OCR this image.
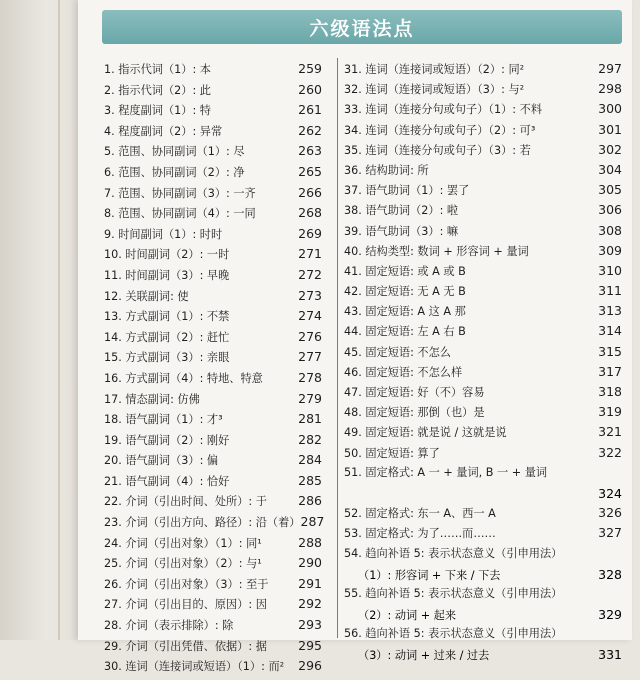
六级语法点
1. 指示代词（1）: 本	259
2. 指示代词（2）: 此	260
3. 程度副词（1）: 特	261
4. 程度副词（2）: 异常	262
5. 范围、协同副词（1）: 尽	263
6. 范围、协同副词（2）: 净	265
7. 范围、协同副词（3）: 一齐	266
8. 范围、协同副词（4）: 一同	268
9. 时间副词（1）: 时时	269
10. 时间副词（2）: 一时	271
11. 时间副词（3）: 早晚	272
12. 关联副词: 使	273
13. 方式副词（1）: 不禁	274
14. 方式副词（2）: 赶忙	276
15. 方式副词（3）: 亲眼	277
16. 方式副词（4）: 特地、特意	278
17. 情态副词: 仿佛	279
18. 语气副词（1）: 才³	281
19. 语气副词（2）: 刚好	282
20. 语气副词（3）: 偏	284
21. 语气副词（4）: 恰好	285
22. 介词（引出时间、处所）: 于 286
23. 介词（引出方向、路径）: 沿（着） 287
24. 介词（引出对象）（1）: 同¹	288
25. 介词（引出对象）（2）: 与¹	290
26. 介词（引出对象）（3）: 至于 291
27. 介词（引出目的、原因）: 因 292
28. 介词（表示排除）: 除	293
29. 介词（引出凭借、依据）: 据 295
30. 连词（连接词或短语）（1）: 而² 296
31. 连词（连接词或短语）（2）: 同²	297
32. 连词（连接词或短语）（3）: 与²	298
33. 连词（连接分句或句子）（1）: 不料	300
34. 连词（连接分句或句子）（2）: 可³	301
35. 连词（连接分句或句子）（3）: 若	302
36. 结构助词: 所	304
37. 语气助词（1）: 罢了	305
38. 语气助词（2）: 啦	306
39. 语气助词（3）: 嘛	308
40. 结构类型: 数词 + 形容词 + 量词	309
41. 固定短语: 或 A 或 B	310
42. 固定短语: 无 A 无 B	311
43. 固定短语: A 这 A 那	313
44. 固定短语: 左 A 右 B	314
45. 固定短语: 不怎么	315
46. 固定短语: 不怎么样	317
47. 固定短语: 好（不）容易	318
48. 固定短语: 那倒（也）是	319
49. 固定短语: 就是说 / 这就是说	321
50. 固定短语: 算了	322
51. 固定格式: A 一 + 量词, B 一 + 量词
324
52. 固定格式: 东一 A、西一 A	326
53. 固定格式: 为了……而……	327
54. 趋向补语 5: 表示状态意义（引申用法）
（1）: 形容词 + 下来 / 下去	328
55. 趋向补语 5: 表示状态意义（引申用法）
（2）: 动词 + 起来	329
56. 趋向补语 5: 表示状态意义（引申用法）
（3）: 动词 + 过来 / 过去	331
